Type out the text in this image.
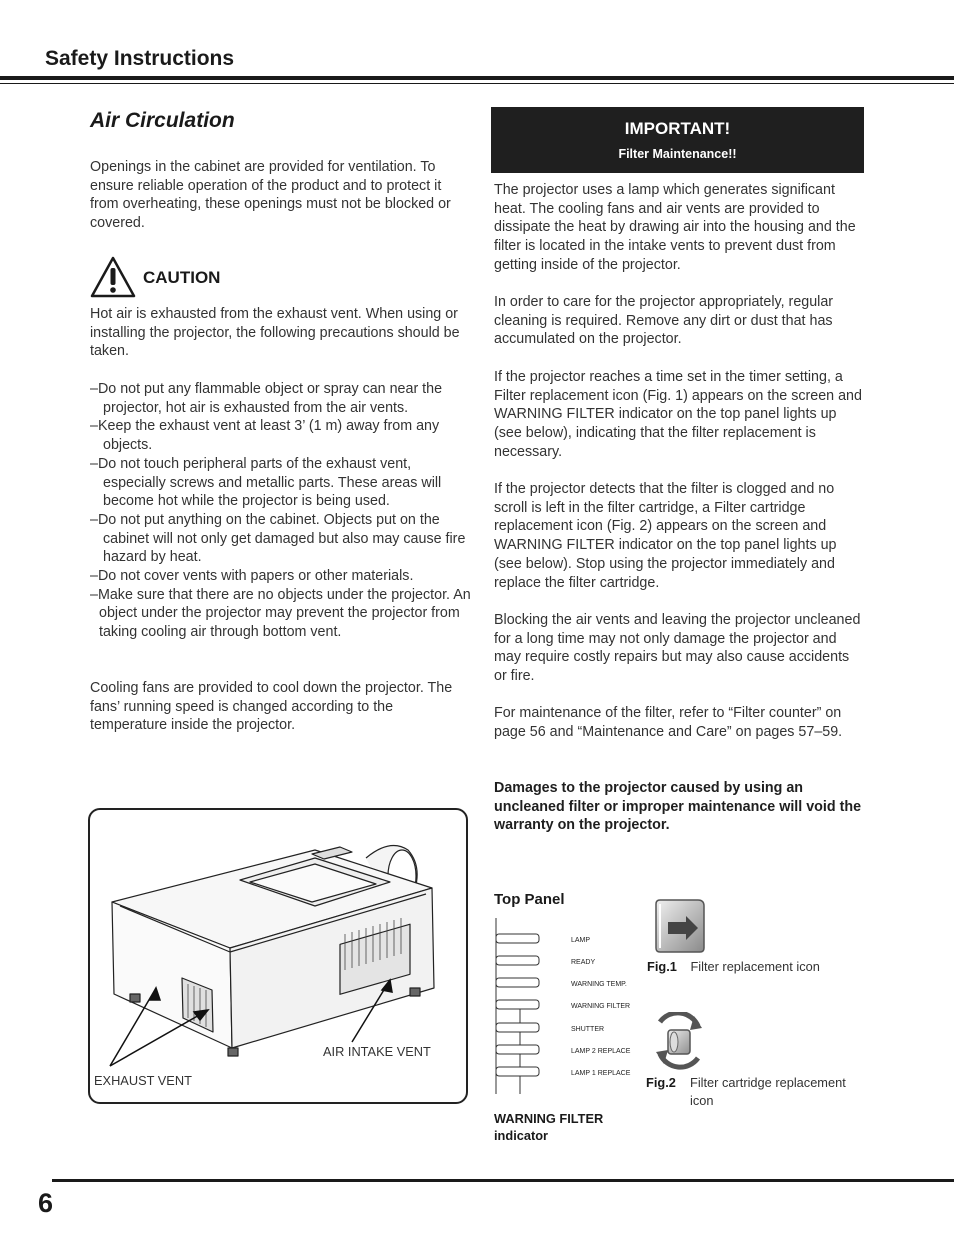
Safety Instructions
Air Circulation
Openings in the cabinet are provided for ventilation. To ensure reliable operation of the product and to protect it from overheating, these openings must not be blocked or covered.
CAUTION
Hot air is exhausted from the exhaust vent. When using or installing the projector, the following precautions should be taken.
–Do not put any flammable object or spray can near the projector, hot air is exhausted from the air vents.
–Keep the exhaust vent at least 3’ (1 m) away from any objects.
–Do not touch peripheral parts of the exhaust vent, especially screws and metallic parts. These areas will become hot while the projector is being used.
–Do not put anything on the cabinet. Objects put on the cabinet will not only get damaged but also may cause fire hazard by heat.
–Do not cover vents with papers or other materials.
–Make sure that there are no objects under the projector. An object under the projector may prevent the projector from taking cooling air through bottom vent.
Cooling fans are provided to cool down the projector. The fans’ running speed is changed according to the temperature inside the projector.
AIR INTAKE VENT
EXHAUST VENT
IMPORTANT!
Filter Maintenance!!
The projector uses a lamp which generates significant heat. The cooling fans and air vents are provided to dissipate the heat by drawing air into the housing and the filter is located in the intake vents to prevent dust from getting inside of the projector.
In order to care for the projector appropriately, regular cleaning is required. Remove any dirt or dust that has accumulated on the projector.
If the projector reaches a time set in the timer setting, a Filter replacement icon (Fig. 1) appears on the screen and WARNING FILTER indicator on the top panel lights up (see below), indicating that the filter replacement is necessary.
If the projector detects that the filter is clogged and no scroll is left in the filter cartridge, a Filter cartridge replacement icon (Fig. 2) appears on the screen and WARNING FILTER indicator on the top panel lights up (see below). Stop using the projector immediately and replace the filter cartridge.
Blocking the air vents and leaving the projector uncleaned for a long time may not only damage the projector and may require costly repairs but may also cause accidents or fire.
For maintenance of the filter, refer to “Filter counter” on page 56 and “Maintenance and Care” on pages 57–59.
Damages to the projector caused by using an uncleaned filter or improper maintenance will void the warranty on the projector.
Top Panel
LAMP
READY
WARNING TEMP.
WARNING FILTER
SHUTTER
LAMP 2 REPLACE
LAMP 1 REPLACE
WARNING FILTER indicator
Fig.1 Filter replacement icon
Fig.2 Filter cartridge replacement icon
6
